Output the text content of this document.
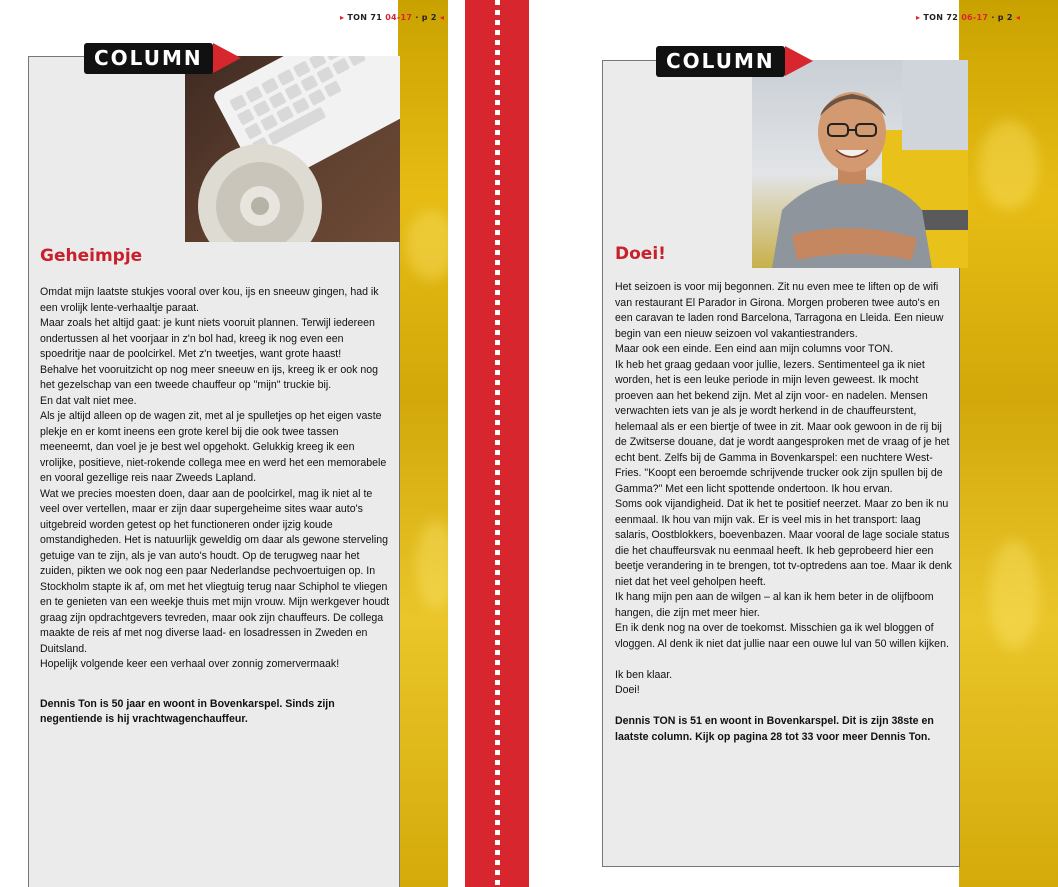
▸ TON 71 04-17 · p 2 ◂
COLUMN
Geheimpje

Omdat mijn laatste stukjes vooral over kou, ijs en sneeuw gingen, had ik een vrolijk lente-verhaaltje paraat.

Maar zoals het altijd gaat: je kunt niets vooruit plannen. Terwijl iedereen ondertussen al het voorjaar in z'n bol had, kreeg ik nog even een spoedritje naar de poolcirkel. Met z'n tweetjes, want grote haast!

Behalve het vooruitzicht op nog meer sneeuw en ijs, kreeg ik er ook nog het gezelschap van een tweede chauffeur op "mijn" truckie bij.

En dat valt niet mee.

Als je altijd alleen op de wagen zit, met al je spulletjes op het eigen vaste plekje en er komt ineens een grote kerel bij die ook twee tassen meeneemt, dan voel je je best wel opgehokt. Gelukkig kreeg ik een vrolijke, positieve, niet-rokende collega mee en werd het een memorabele en vooral gezellige reis naar Zweeds Lapland.

Wat we precies moesten doen, daar aan de poolcirkel, mag ik niet al te veel over vertellen, maar er zijn daar supergeheime sites waar auto's uitgebreid worden getest op het functioneren onder ijzig koude omstandigheden. Het is natuurlijk geweldig om daar als gewone sterveling getuige van te zijn, als je van auto's houdt. Op de terugweg naar het zuiden, pikten we ook nog een paar Nederlandse pechvoertuigen op. In Stockholm stapte ik af, om met het vliegtuig terug naar Schiphol te vliegen en te genieten van een weekje thuis met mijn vrouw. Mijn werkgever houdt graag zijn opdrachtgevers tevreden, maar ook zijn chauffeurs. De collega maakte de reis af met nog diverse laad- en losadressen in Zweden en Duitsland.

Hopelijk volgende keer een verhaal over zonnig zomervermaak!

Dennis Ton is 50 jaar en woont in Bovenkarspel. Sinds zijn negentiende is hij vrachtwagenchauffeur.

▸ TON 72 06-17 · p 2 ◂
COLUMN
Doei!

Het seizoen is voor mij begonnen. Zit nu even mee te liften op de wifi van restaurant El Parador in Girona. Morgen proberen twee auto's en een caravan te laden rond Barcelona, Tarragona en Lleida. Een nieuw begin van een nieuw seizoen vol vakantiestranders.

Maar ook een einde. Een eind aan mijn columns voor TON.

Ik heb het graag gedaan voor jullie, lezers. Sentimenteel ga ik niet worden, het is een leuke periode in mijn leven geweest. Ik mocht proeven aan het bekend zijn. Met al zijn voor- en nadelen. Mensen verwachten iets van je als je wordt herkend in de chauffeurstent, helemaal als er een biertje of twee in zit. Maar ook gewoon in de rij bij de Zwitserse douane, dat je wordt aangesproken met de vraag of je het echt bent. Zelfs bij de Gamma in Bovenkarspel: een nuchtere West-Fries. "Koopt een beroemde schrijvende trucker ook zijn spullen bij de Gamma?" Met een licht spottende ondertoon. Ik hou ervan.

Soms ook vijandigheid. Dat ik het te positief neerzet. Maar zo ben ik nu eenmaal. Ik hou van mijn vak. Er is veel mis in het transport: laag salaris, Oostblokkers, boevenbazen. Maar vooral de lage sociale status die het chauffeursvak nu eenmaal heeft. Ik heb geprobeerd hier een beetje verandering in te brengen, tot tv-optredens aan toe. Maar ik denk niet dat het veel geholpen heeft.

Ik hang mijn pen aan de wilgen – al kan ik hem beter in de olijfboom hangen, die zijn met meer hier.

En ik denk nog na over de toekomst. Misschien ga ik wel bloggen of vloggen. Al denk ik niet dat jullie naar een ouwe lul van 50 willen kijken.

Ik ben klaar.

Doei!

Dennis TON is 51 en woont in Bovenkarspel. Dit is zijn 38ste en laatste column. Kijk op pagina 28 tot 33 voor meer Dennis Ton.
